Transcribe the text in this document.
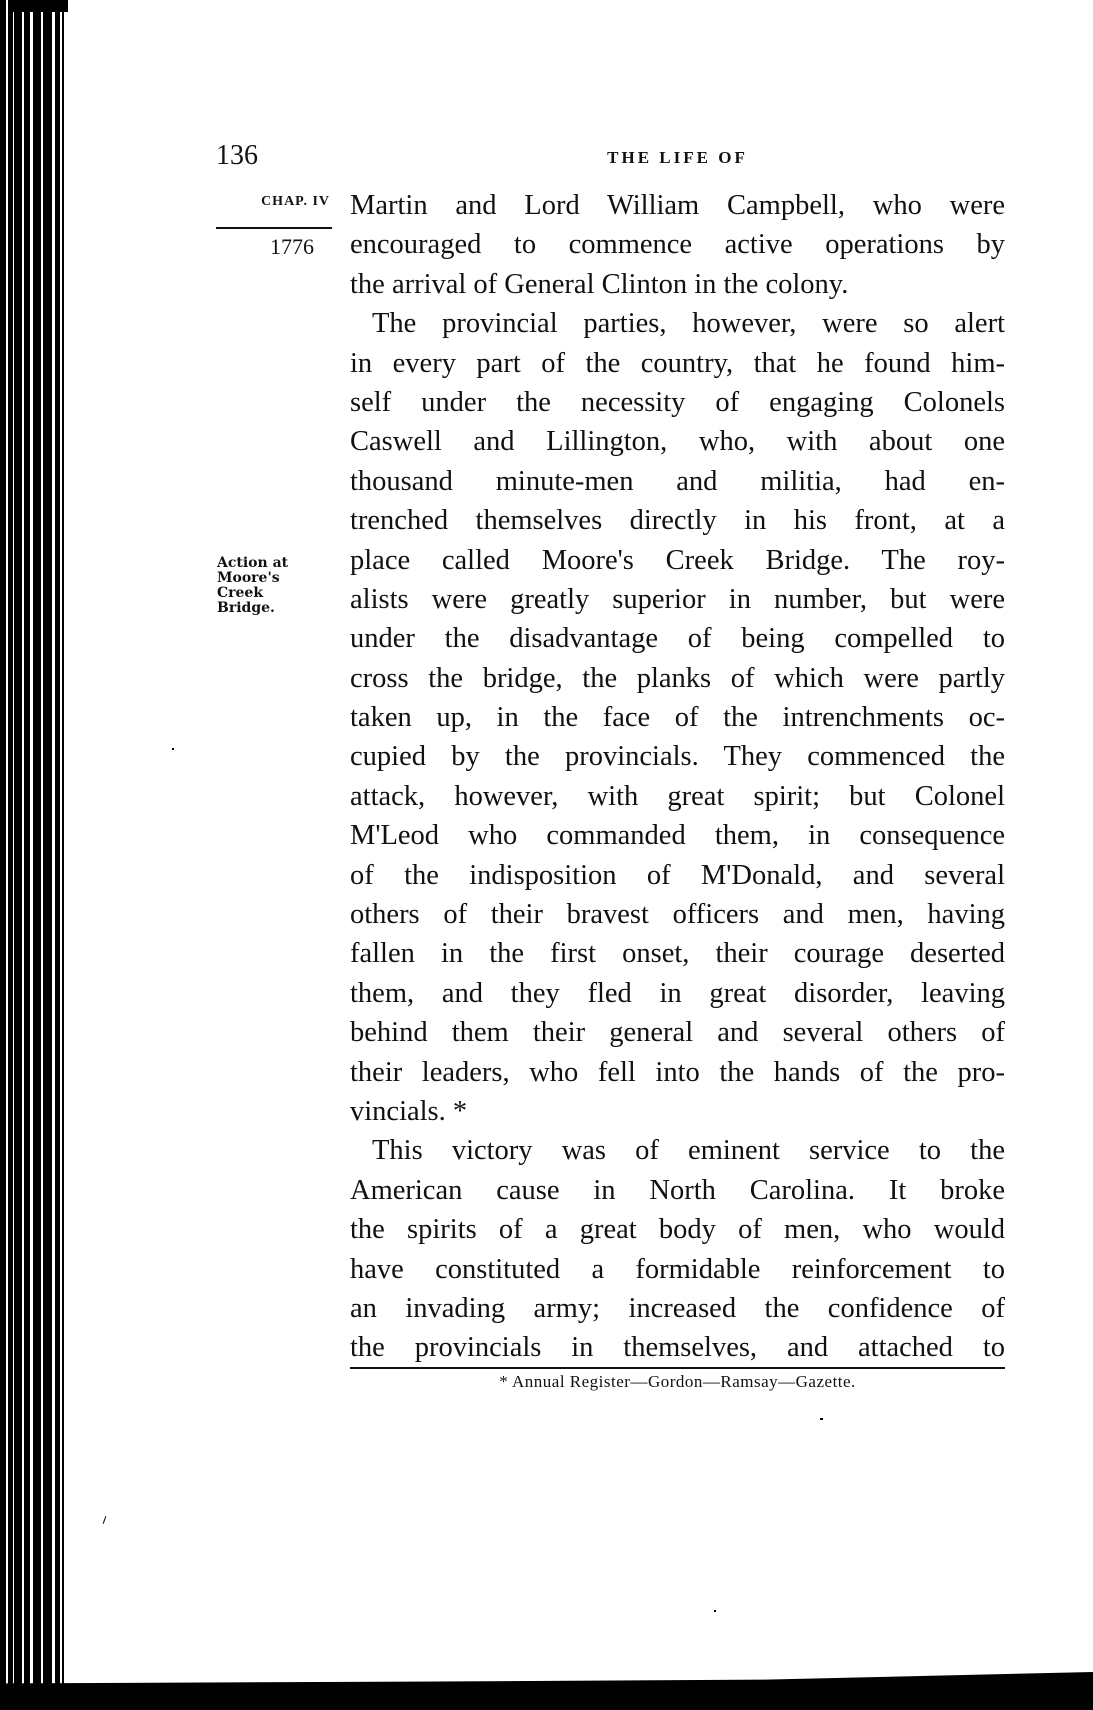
136	THE LIFE OF
CHAP. IV
1776
Action at
Moore's
Creek
Bridge.
Martin and Lord William Campbell, who were
encouraged to commence active operations by
the arrival of General Clinton in the colony.
The provincial parties, however, were so alert
in every part of the country, that he found him-
self under the necessity of engaging Colonels
Caswell and Lillington, who, with about one
thousand minute-men and militia, had en-
trenched themselves directly in his front, at a
place called Moore's Creek Bridge. The roy-
alists were greatly superior in number, but were
under the disadvantage of being compelled to
cross the bridge, the planks of which were partly
taken up, in the face of the intrenchments oc-
cupied by the provincials. They commenced the
attack, however, with great spirit; but Colonel
M'Leod who commanded them, in consequence
of the indisposition of M'Donald, and several
others of their bravest officers and men, having
fallen in the first onset, their courage deserted
them, and they fled in great disorder, leaving
behind them their general and several others of
their leaders, who fell into the hands of the pro-
vincials. *
This victory was of eminent service to the
American cause in North Carolina. It broke
the spirits of a great body of men, who would
have constituted a formidable reinforcement to
an invading army; increased the confidence of
the provincials in themselves, and attached to
* Annual Register—Gordon—Ramsay—Gazette.
